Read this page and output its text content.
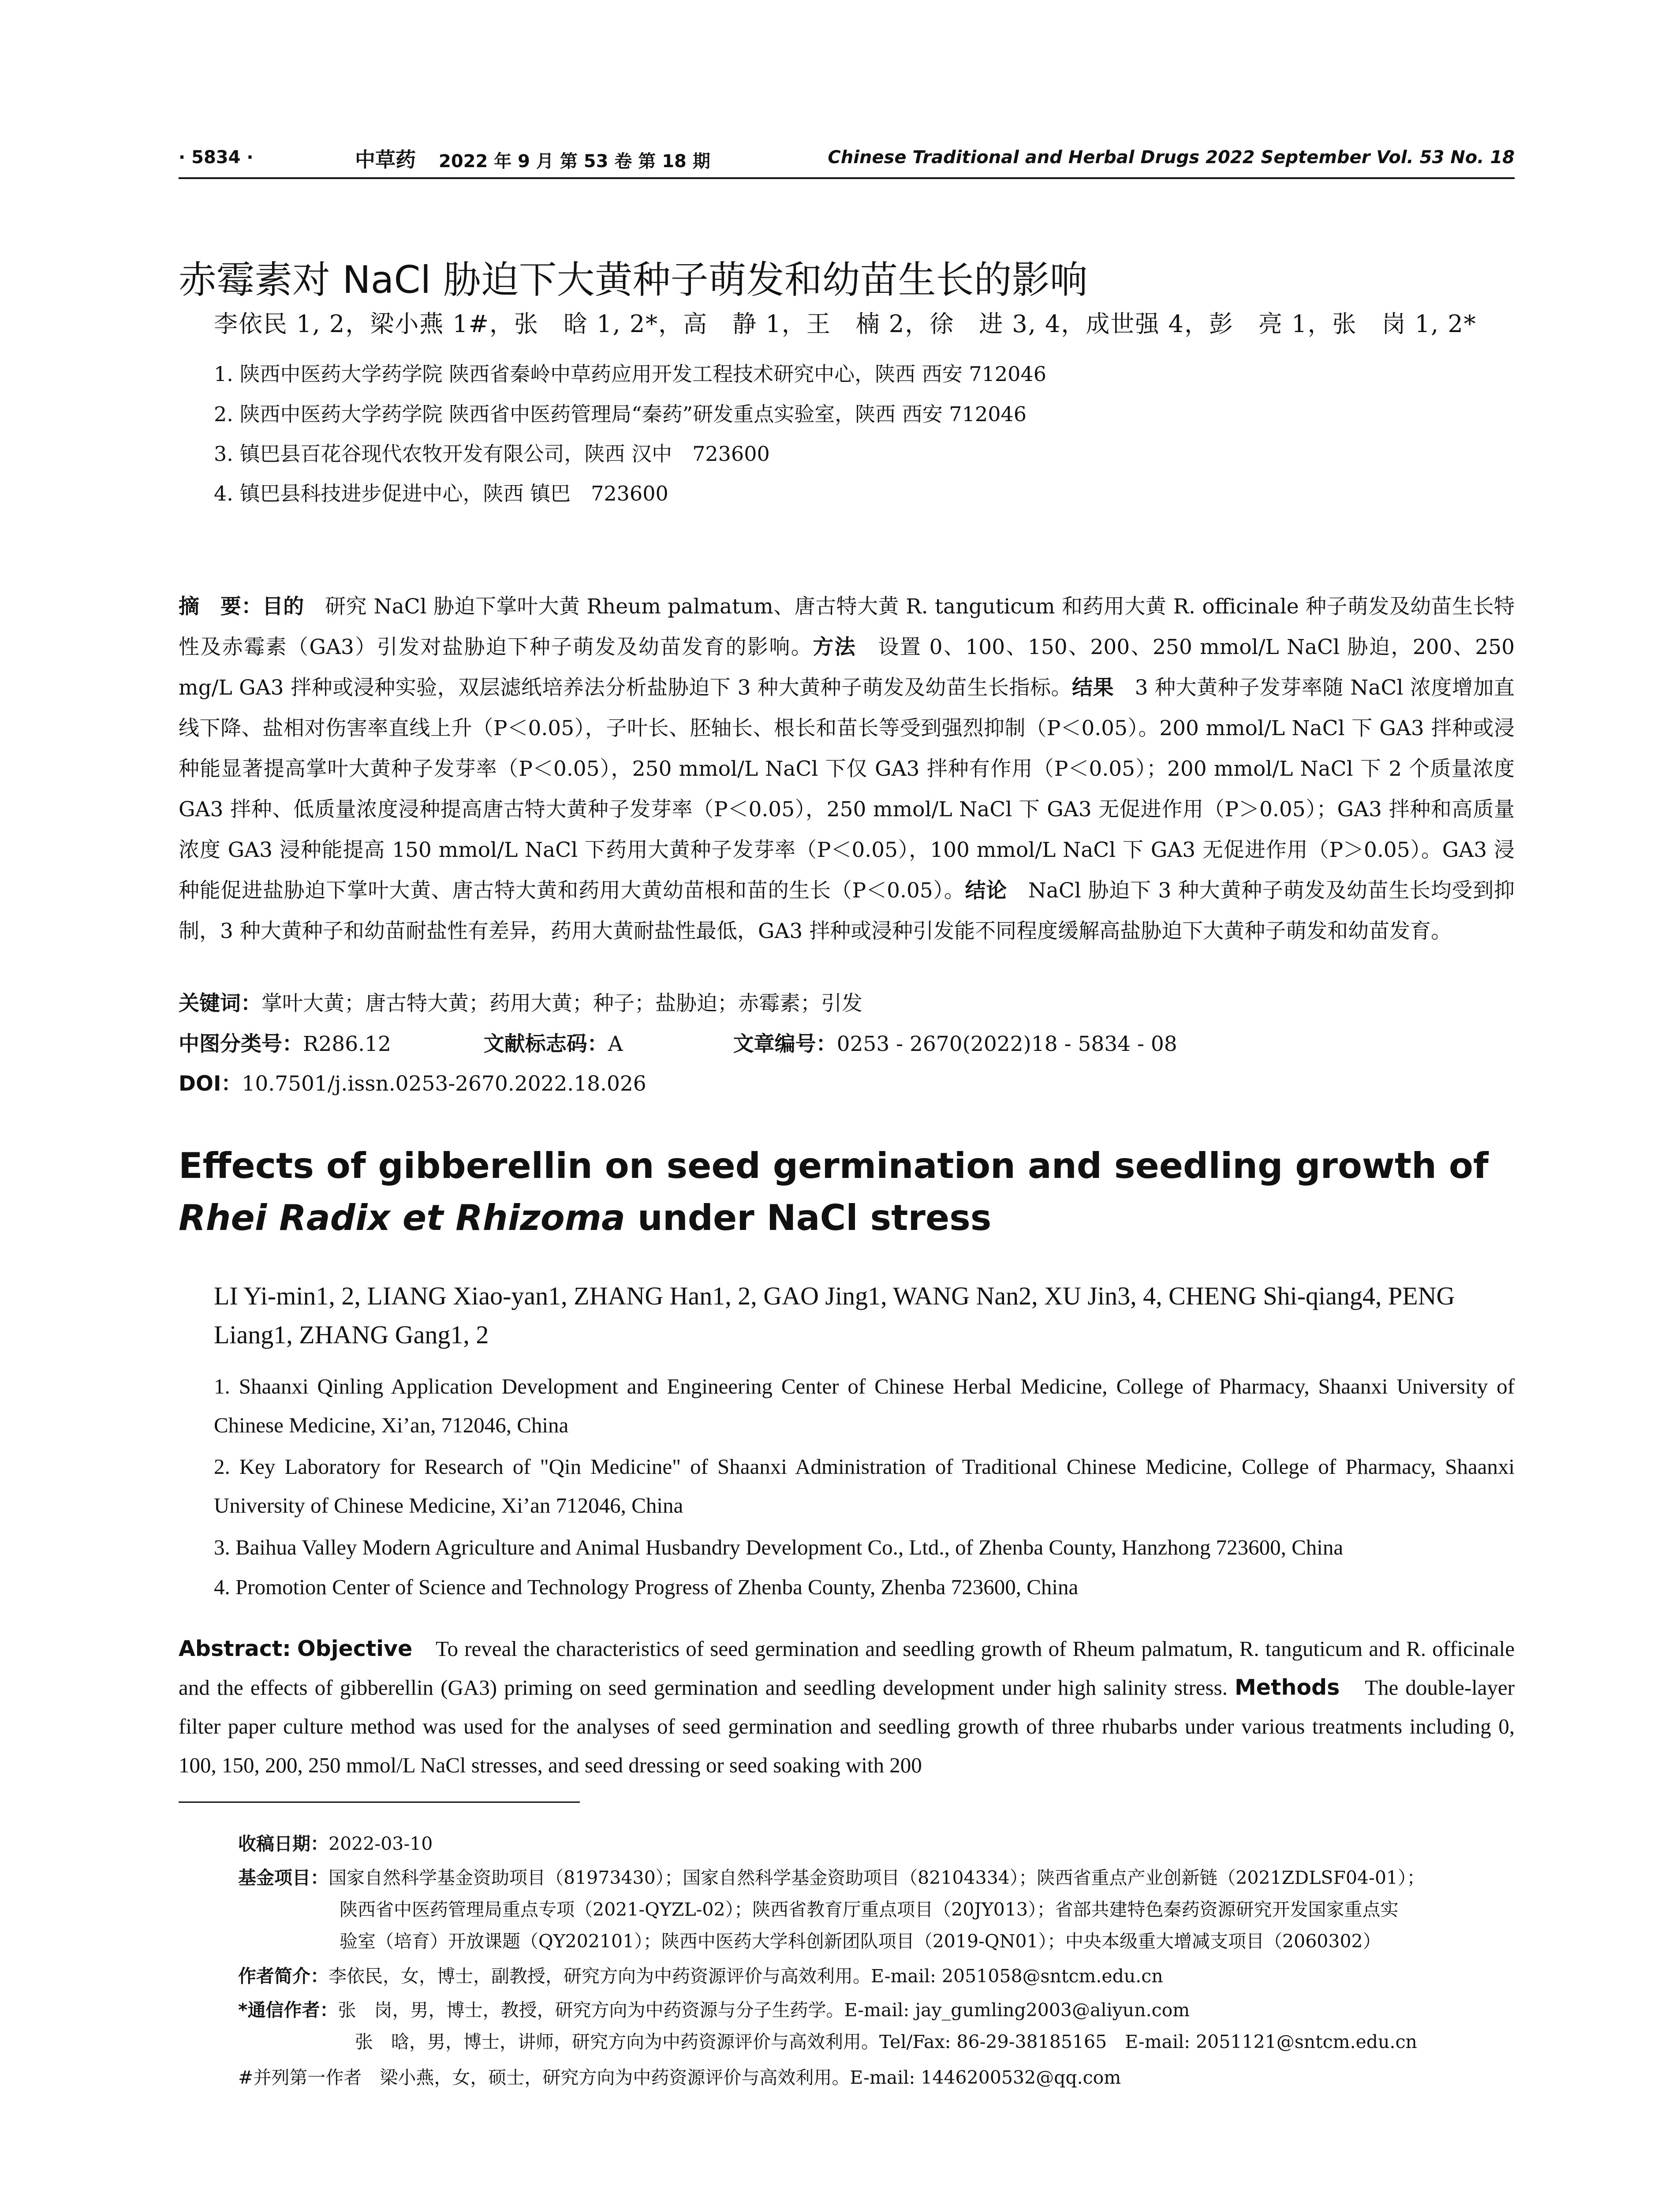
· 5834 ·	中草药 2022 年 9 月 第 53 卷 第 18 期	Chinese Traditional and Herbal Drugs 2022 September Vol. 53 No. 18
赤霉素对 NaCl 胁迫下大黄种子萌发和幼苗生长的影响
李依民 1, 2，梁小燕 1#，张　晗 1, 2*，高　静 1，王　楠 2，徐　进 3, 4，成世强 4，彭　亮 1，张　岗 1, 2*
1. 陕西中医药大学药学院 陕西省秦岭中草药应用开发工程技术研究中心，陕西 西安 712046
2. 陕西中医药大学药学院 陕西省中医药管理局“秦药”研发重点实验室，陕西 西安 712046
3. 镇巴县百花谷现代农牧开发有限公司，陕西 汉中　723600
4. 镇巴县科技进步促进中心，陕西 镇巴　723600
摘　要：目的　研究 NaCl 胁迫下掌叶大黄 Rheum palmatum、唐古特大黄 R. tanguticum 和药用大黄 R. officinale 种子萌发及幼苗生长特性及赤霉素（GA3）引发对盐胁迫下种子萌发及幼苗发育的影响。方法　设置 0、100、150、200、250 mmol/L NaCl 胁迫，200、250 mg/L GA3 拌种或浸种实验，双层滤纸培养法分析盐胁迫下 3 种大黄种子萌发及幼苗生长指标。结果　3 种大黄种子发芽率随 NaCl 浓度增加直线下降、盐相对伤害率直线上升（P＜0.05），子叶长、胚轴长、根长和苗长等受到强烈抑制（P＜0.05）。200 mmol/L NaCl 下 GA3 拌种或浸种能显著提高掌叶大黄种子发芽率（P＜0.05），250 mmol/L NaCl 下仅 GA3 拌种有作用（P＜0.05）；200 mmol/L NaCl 下 2 个质量浓度 GA3 拌种、低质量浓度浸种提高唐古特大黄种子发芽率（P＜0.05），250 mmol/L NaCl 下 GA3 无促进作用（P＞0.05）；GA3 拌种和高质量浓度 GA3 浸种能提高 150 mmol/L NaCl 下药用大黄种子发芽率（P＜0.05），100 mmol/L NaCl 下 GA3 无促进作用（P＞0.05）。GA3 浸种能促进盐胁迫下掌叶大黄、唐古特大黄和药用大黄幼苗根和苗的生长（P＜0.05）。结论　NaCl 胁迫下 3 种大黄种子萌发及幼苗生长均受到抑制，3 种大黄种子和幼苗耐盐性有差异，药用大黄耐盐性最低，GA3 拌种或浸种引发能不同程度缓解高盐胁迫下大黄种子萌发和幼苗发育。
关键词：掌叶大黄；唐古特大黄；药用大黄；种子；盐胁迫；赤霉素；引发
中图分类号：R286.12	文献标志码：A	文章编号：0253 - 2670(2022)18 - 5834 - 08
DOI：10.7501/j.issn.0253-2670.2022.18.026
Effects of gibberellin on seed germination and seedling growth of Rhei Radix et Rhizoma under NaCl stress
LI Yi-min1, 2, LIANG Xiao-yan1, ZHANG Han1, 2, GAO Jing1, WANG Nan2, XU Jin3, 4, CHENG Shi-qiang4, PENG Liang1, ZHANG Gang1, 2
1. Shaanxi Qinling Application Development and Engineering Center of Chinese Herbal Medicine, College of Pharmacy, Shaanxi University of Chinese Medicine, Xi’an, 712046, China
2. Key Laboratory for Research of "Qin Medicine" of Shaanxi Administration of Traditional Chinese Medicine, College of Pharmacy, Shaanxi University of Chinese Medicine, Xi’an 712046, China
3. Baihua Valley Modern Agriculture and Animal Husbandry Development Co., Ltd., of Zhenba County, Hanzhong 723600, China
4. Promotion Center of Science and Technology Progress of Zhenba County, Zhenba 723600, China
Abstract: Objective　To reveal the characteristics of seed germination and seedling growth of Rheum palmatum, R. tanguticum and R. officinale and the effects of gibberellin (GA3) priming on seed germination and seedling development under high salinity stress. Methods　The double-layer filter paper culture method was used for the analyses of seed germination and seedling growth of three rhubarbs under various treatments including 0, 100, 150, 200, 250 mmol/L NaCl stresses, and seed dressing or seed soaking with 200
收稿日期：2022-03-10
基金项目：国家自然科学基金资助项目（81973430）；国家自然科学基金资助项目（82104334）；陕西省重点产业创新链（2021ZDLSF04-01）；
陕西省中医药管理局重点专项（2021-QYZL-02）；陕西省教育厅重点项目（20JY013）；省部共建特色秦药资源研究开发国家重点实
验室（培育）开放课题（QY202101）；陕西中医药大学科创新团队项目（2019-QN01）；中央本级重大增减支项目（2060302）
作者简介：李依民，女，博士，副教授，研究方向为中药资源评价与高效利用。E-mail: 2051058@sntcm.edu.cn
*通信作者：张　岗，男，博士，教授，研究方向为中药资源与分子生药学。E-mail: jay_gumling2003@aliyun.com
张　晗，男，博士，讲师，研究方向为中药资源评价与高效利用。Tel/Fax: 86-29-38185165　E-mail: 2051121@sntcm.edu.cn
#并列第一作者　梁小燕，女，硕士，研究方向为中药资源评价与高效利用。E-mail: 1446200532@qq.com
